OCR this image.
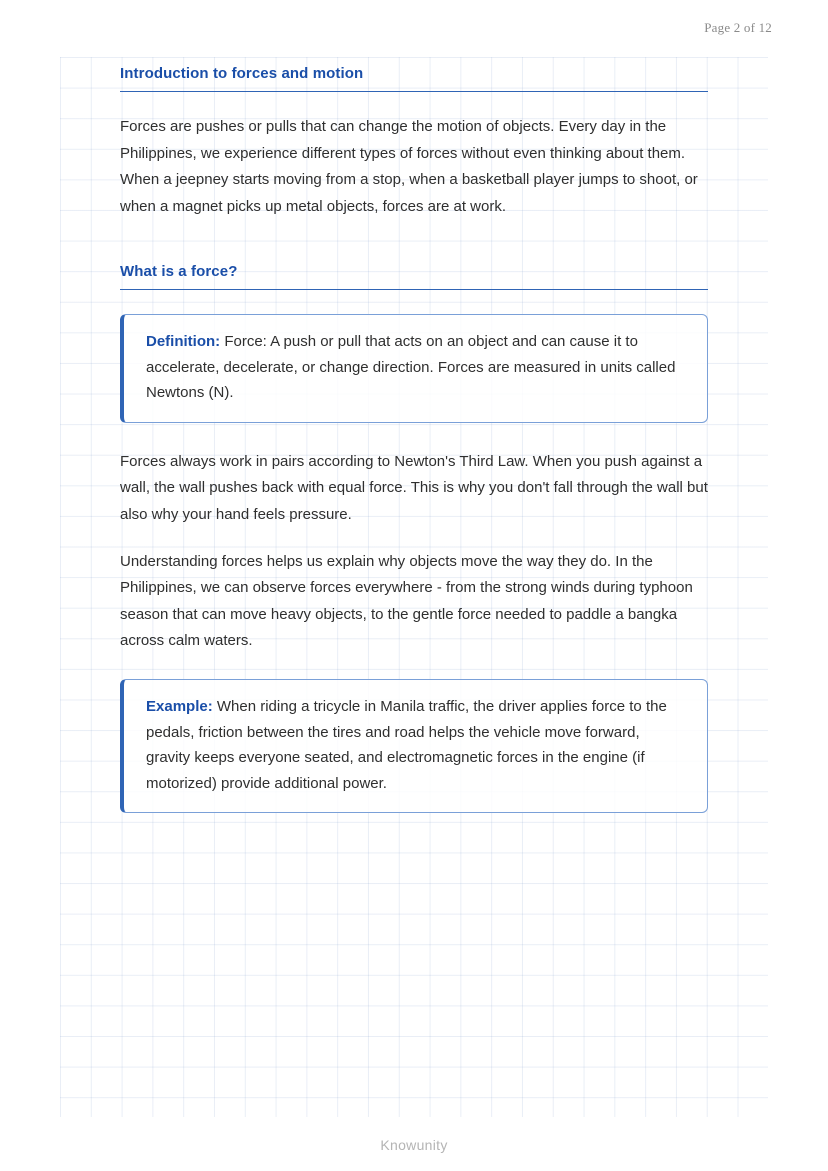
Page 2 of 12
Introduction to forces and motion

Forces are pushes or pulls that can change the motion of objects. Every day in the Philippines, we experience different types of forces without even thinking about them. When a jeepney starts moving from a stop, when a basketball player jumps to shoot, or when a magnet picks up metal objects, forces are at work.

What is a force?

Definition: Force: A push or pull that acts on an object and can cause it to accelerate, decelerate, or change direction. Forces are measured in units called Newtons (N).

Forces always work in pairs according to Newton's Third Law. When you push against a wall, the wall pushes back with equal force. This is why you don't fall through the wall but also why your hand feels pressure.

Understanding forces helps us explain why objects move the way they do. In the Philippines, we can observe forces everywhere - from the strong winds during typhoon season that can move heavy objects, to the gentle force needed to paddle a bangka across calm waters.

Example: When riding a tricycle in Manila traffic, the driver applies force to the pedals, friction between the tires and road helps the vehicle move forward, gravity keeps everyone seated, and electromagnetic forces in the engine (if motorized) provide additional power.

Knowunity
